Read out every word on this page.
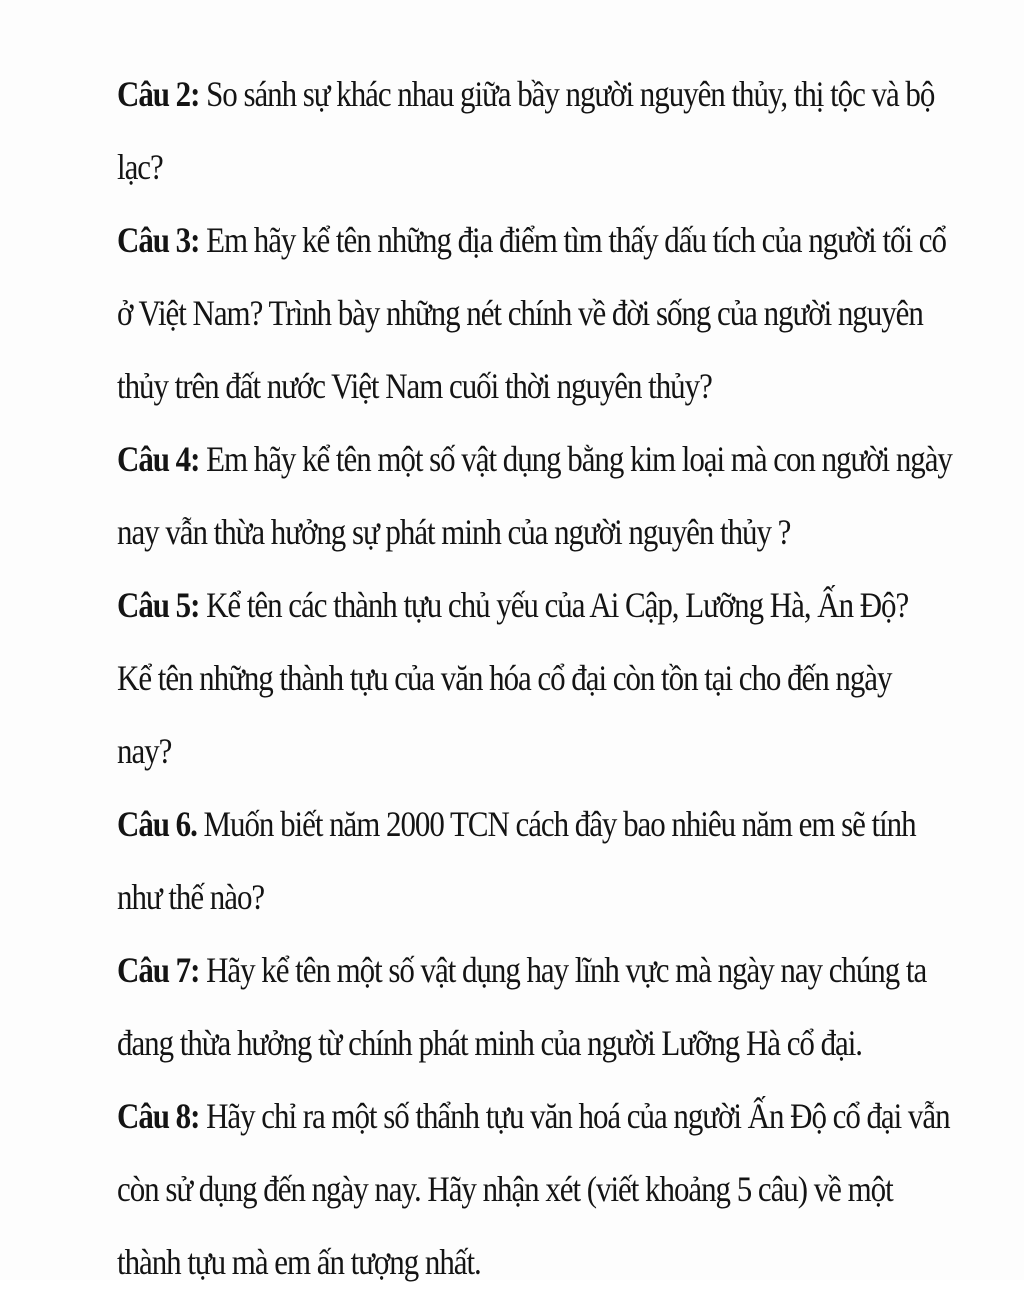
Câu 2: So sánh sự khác nhau giữa bầy người nguyên thủy, thị tộc và bộ
lạc?

Câu 3: Em hãy kể tên những địa điểm tìm thấy dấu tích của người tối cổ
ở Việt Nam? Trình bày những nét chính về đời sống của người nguyên
thủy trên đất nước Việt Nam cuối thời nguyên thủy?

Câu 4: Em hãy kể tên một số vật dụng bằng kim loại mà con người ngày
nay vẫn thừa hưởng sự phát minh của người nguyên thủy ?

Câu 5: Kể tên các thành tựu chủ yếu của Ai Cập, Lưỡng Hà, Ấn Độ?
Kể tên những thành tựu của văn hóa cổ đại còn tồn tại cho đến ngày
nay?

Câu 6. Muốn biết năm 2000 TCN cách đây bao nhiêu năm em sẽ tính
như thế nào?

Câu 7: Hãy kể tên một số vật dụng hay lĩnh vực mà ngày nay chúng ta
đang thừa hưởng từ chính phát minh của người Lưỡng Hà cổ đại.

Câu 8: Hãy chỉ ra một số thẩnh tựu văn hoá của người Ấn Độ cổ đại vẫn
còn sử dụng đến ngày nay. Hãy nhận xét (viết khoảng 5 câu) về một
thành tựu mà em ấn tượng nhất.
